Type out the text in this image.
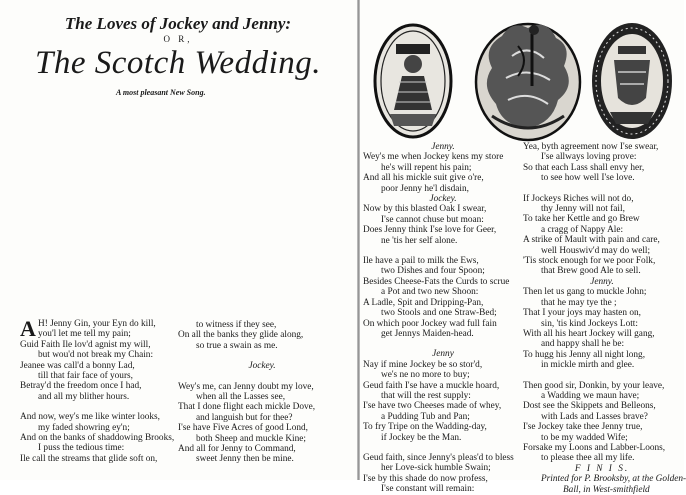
The Loves of Jockey and Jenny:
O R,
The Scotch Wedding.
A most pleasant New Song.
A H! Jenny Gin, your Eyn do kill,
you'l let me tell my pain;
Guid Faith Ile lov'd agnist my will,
but wou'd not break my Chain:
Jeanee was call'd a bonny Lad,
till that fair face of yours,
Betray'd the freedom once I had,
and all my blither hours.
And now, wey's me like winter looks,
my faded showring ey'n;
And on the banks of shaddowing Brooks,
I puss the tedious time:
Ile call the streams that glide soft on,
to witness if they see,
On all the banks they glide along,
so true a swain as me.
Jockey.
Wey's me, can Jenny doubt my love,
when all the Lasses see,
That I done flight each mickle Dove,
and languish but for thee?
I'se have Five Acres of good Lond,
both Sheep and muckle Kine;
And all for Jenny to Command,
sweet Jenny then be mine.
Jenny.
Wey's me when Jockey kens my store
he's will repent his pain;
And all his mickle suit give o're,
poor Jenny he'l disdain,
Jockey.
Now by this blasted Oak I swear,
I'se cannot chuse but moan:
Does Jenny think I'se love for Geer,
ne 'tis her self alone.
Ile have a pail to milk the Ews,
two Dishes and four Spoon;
Besides Cheese-Fats the Curds to scrue
a Pot and two new Shoon:
A Ladle, Spit and Dripping-Pan,
two Stools and one Straw-Bed;
On which poor Jockey wad full fain
get Jennys Maiden-head.
Jenny
Nay if mine Jockey be so stor'd,
we's ne no more to buy;
Geud faith I'se have a muckle hoard,
that will the rest supply:
I'se have two Cheeses made of whey,
a Pudding Tub and Pan;
To fry Tripe on the Wadding-day,
if Jockey be the Man.
Geud faith, since Jenny's pleas'd to bless
her Love-sick humble Swain;
I'se by this shade do now profess,
I'se constant will remain:
Yea, byth agreement now I'se swear,
I'se allways loving prove:
So that each Lass shall envy her,
to see how well I'se love.
If Jockeys Riches will not do,
thy Jenny will not fail,
To take her Kettle and go Brew
a cragg of Nappy Ale:
A strike of Mault with pain and care,
well Houswiv'd may do well;
'Tis stock enough for we poor Folk,
that Brew good Ale to sell.
Jenny.
Then let us gang to muckle John;
that he may tye the ;
That I your joys may hasten on,
sin, 'tis kind Jockeys Lott:
With all his heart Jockey will gang,
and happy shall he be:
To hugg his Jenny all night long,
in mickle mirth and glee.
Then good sir, Donkin, by your leave,
a Wadding we maun have;
Dost see the Skippets and Belleons,
with Lads and Lasses brave?
I'se Jockey take thee Jenny true,
to be my wadded Wife;
Forsake my Loons and Labber-Loons,
to please thee all my life.
F I N I S.
Printed for P. Brooksby, at the Golden-
Ball, in West-smithfield
